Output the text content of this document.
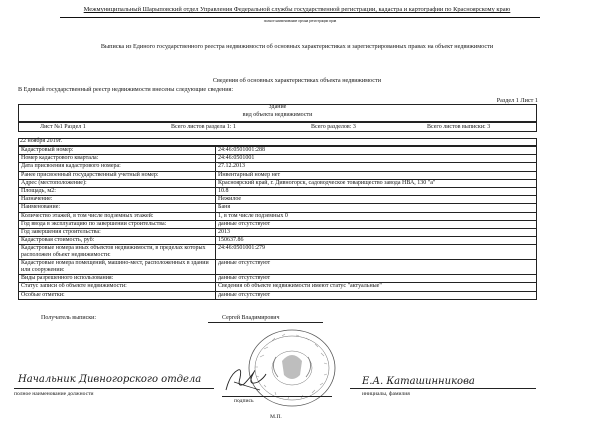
Межмуниципальный Шарыповский отдел Управления Федеральной службы государственной регистрации, кадастра и картографии по Красноярскому краю
полное наименование органа регистрации прав
Выписка из Единого государственного реестра недвижимости об основных характеристиках и зарегистрированных правах на объект недвижимости
Сведения об основных характеристиках объекта недвижимости
В Единый государственный реестр недвижимости внесены следующие сведения:
Раздел 1 Лист 1
Здание
вид объекта недвижимости
Лист №1 Раздел 1	Всего листов раздела 1: 1	Всего разделов: 3	Всего листов выписки: 3
22 ноября 2019г.
Кадастровый номер:	24:46:0501001:288
Номер кадастрового квартала:	24:46:0501001
Дата присвоения кадастрового номера:	27.12.2013
Ранее присвоенный государственный учетный номер:	Инвентарный номер нет
Адрес (местоположение):	Красноярский край, г. Дивногорск, садоводческое товарищество завода НВА, 130 "а"
Площадь, м2:	10.8
Назначение:	Нежилое
Наименование:	Баня
Количество этажей, в том числе подземных этажей:	1, в том числе подземных 0
Год ввода в эксплуатацию по завершении строительства:	данные отсутствуют
Год завершения строительства:	2013
Кадастровая стоимость, руб:	150637.86
Кадастровые номера иных объектов недвижимости, в пределах которых расположен объект недвижимости:	24:46:0501001:279
Кадастровые номера помещений, машино-мест, расположенных в здании или сооружении:	данные отсутствуют
Виды разрешенного использования:	данные отсутствуют
Статус записи об объекте недвижимости:	Сведения об объекте недвижимости имеют статус "актуальные"
Особые отметки:	данные отсутствуют
Получатель выписки:	Сергей Владимирович
Начальник Дивногорского отдела
полное наименование должности
подпись
М.П.
Е.А. Каташинникова
инициалы, фамилия
